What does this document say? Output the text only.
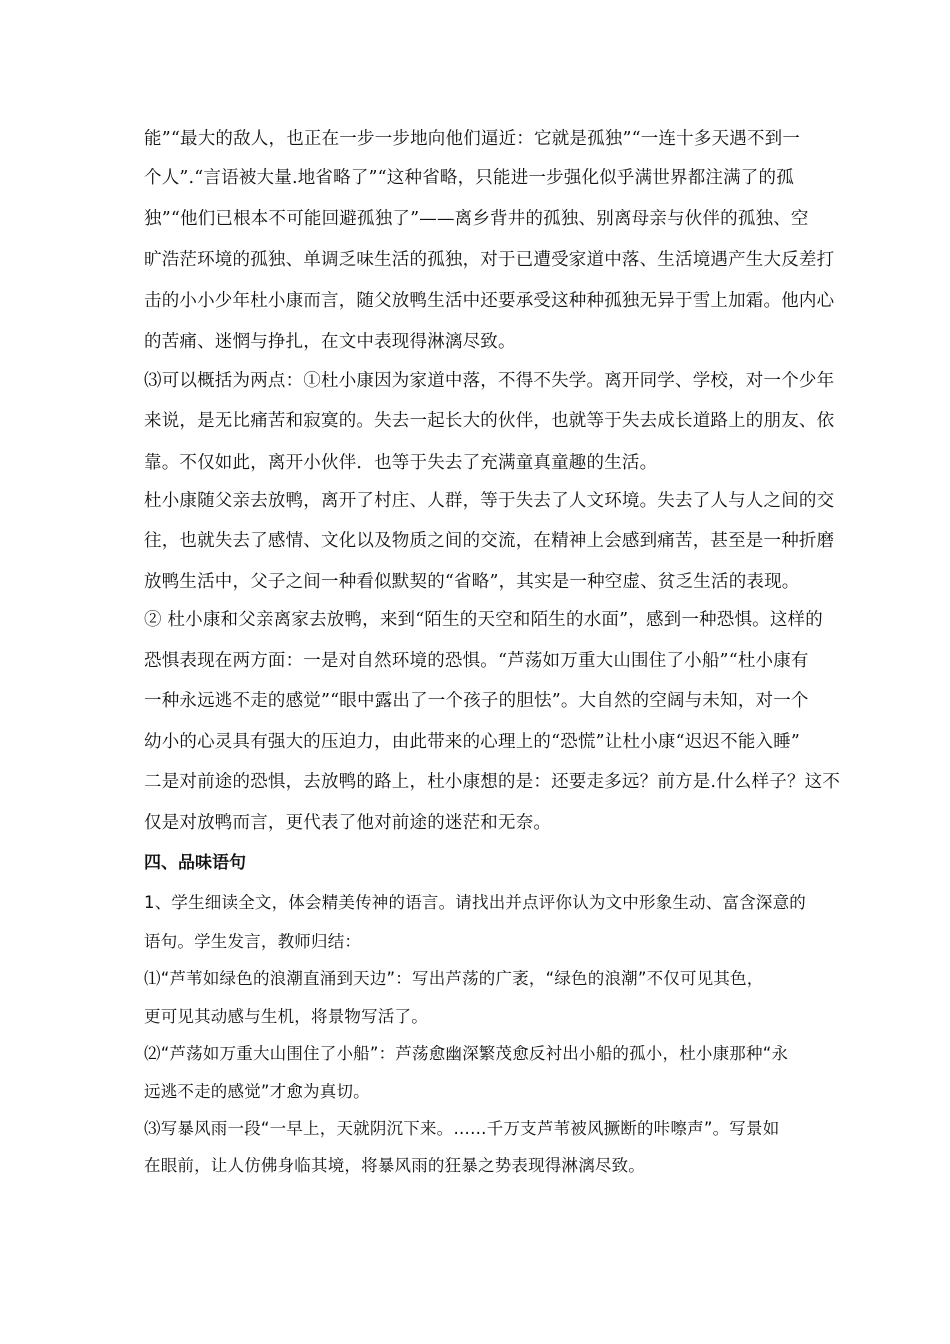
能”“最大的敌人，也正在一步一步地向他们逼近：它就是孤独”“一连十多天遇不到一
个人”.“言语被大量.地省略了”“这种省略，只能进一步强化似乎满世界都注满了的孤
独”“他们已根本不可能回避孤独了”——离乡背井的孤独、别离母亲与伙伴的孤独、空
旷浩茫环境的孤独、单调乏味生活的孤独，对于已遭受家道中落、生活境遇产生大反差打
击的小小少年杜小康而言，随父放鸭生活中还要承受这种种孤独无异于雪上加霜。他内心
的苦痛、迷惘与挣扎，在文中表现得淋漓尽致。
⑶可以概括为两点：①杜小康因为家道中落，不得不失学。离开同学、学校，对一个少年
来说，是无比痛苦和寂寞的。失去一起长大的伙伴，也就等于失去成长道路上的朋友、依
靠。不仅如此，离开小伙伴．也等于失去了充满童真童趣的生活。
杜小康随父亲去放鸭，离开了村庄、人群，等于失去了人文环境。失去了人与人之间的交
往，也就失去了感情、文化以及物质之间的交流，在精神上会感到痛苦，甚至是一种折磨
放鸭生活中，父子之间一种看似默契的“省略”，其实是一种空虚、贫乏生活的表现。
② 杜小康和父亲离家去放鸭，来到“陌生的天空和陌生的水面”，感到一种恐惧。这样的
恐惧表现在两方面：一是对自然环境的恐惧。“芦荡如万重大山围住了小船”“杜小康有
一种永远逃不走的感觉”“眼中露出了一个孩子的胆怯”。大自然的空阔与未知，对一个
幼小的心灵具有强大的压迫力，由此带来的心理上的“恐慌”让杜小康“迟迟不能入睡”
二是对前途的恐惧，去放鸭的路上，杜小康想的是：还要走多远？前方是.什么样子？这不
仅是对放鸭而言，更代表了他对前途的迷茫和无奈。
四、品味语句
1、学生细读全文，体会精美传神的语言。请找出并点评你认为文中形象生动、富含深意的
语句。学生发言，教师归结：
⑴“芦苇如绿色的浪潮直涌到天边”：写出芦荡的广袤，“绿色的浪潮”不仅可见其色，
更可见其动感与生机，将景物写活了。
⑵“芦荡如万重大山围住了小船”：芦荡愈幽深繁茂愈反衬出小船的孤小，杜小康那种“永
远逃不走的感觉”才愈为真切。
⑶写暴风雨一段“一早上，天就阴沉下来。……千万支芦苇被风撅断的咔嚓声”。写景如
在眼前，让人仿佛身临其境，将暴风雨的狂暴之势表现得淋漓尽致。
